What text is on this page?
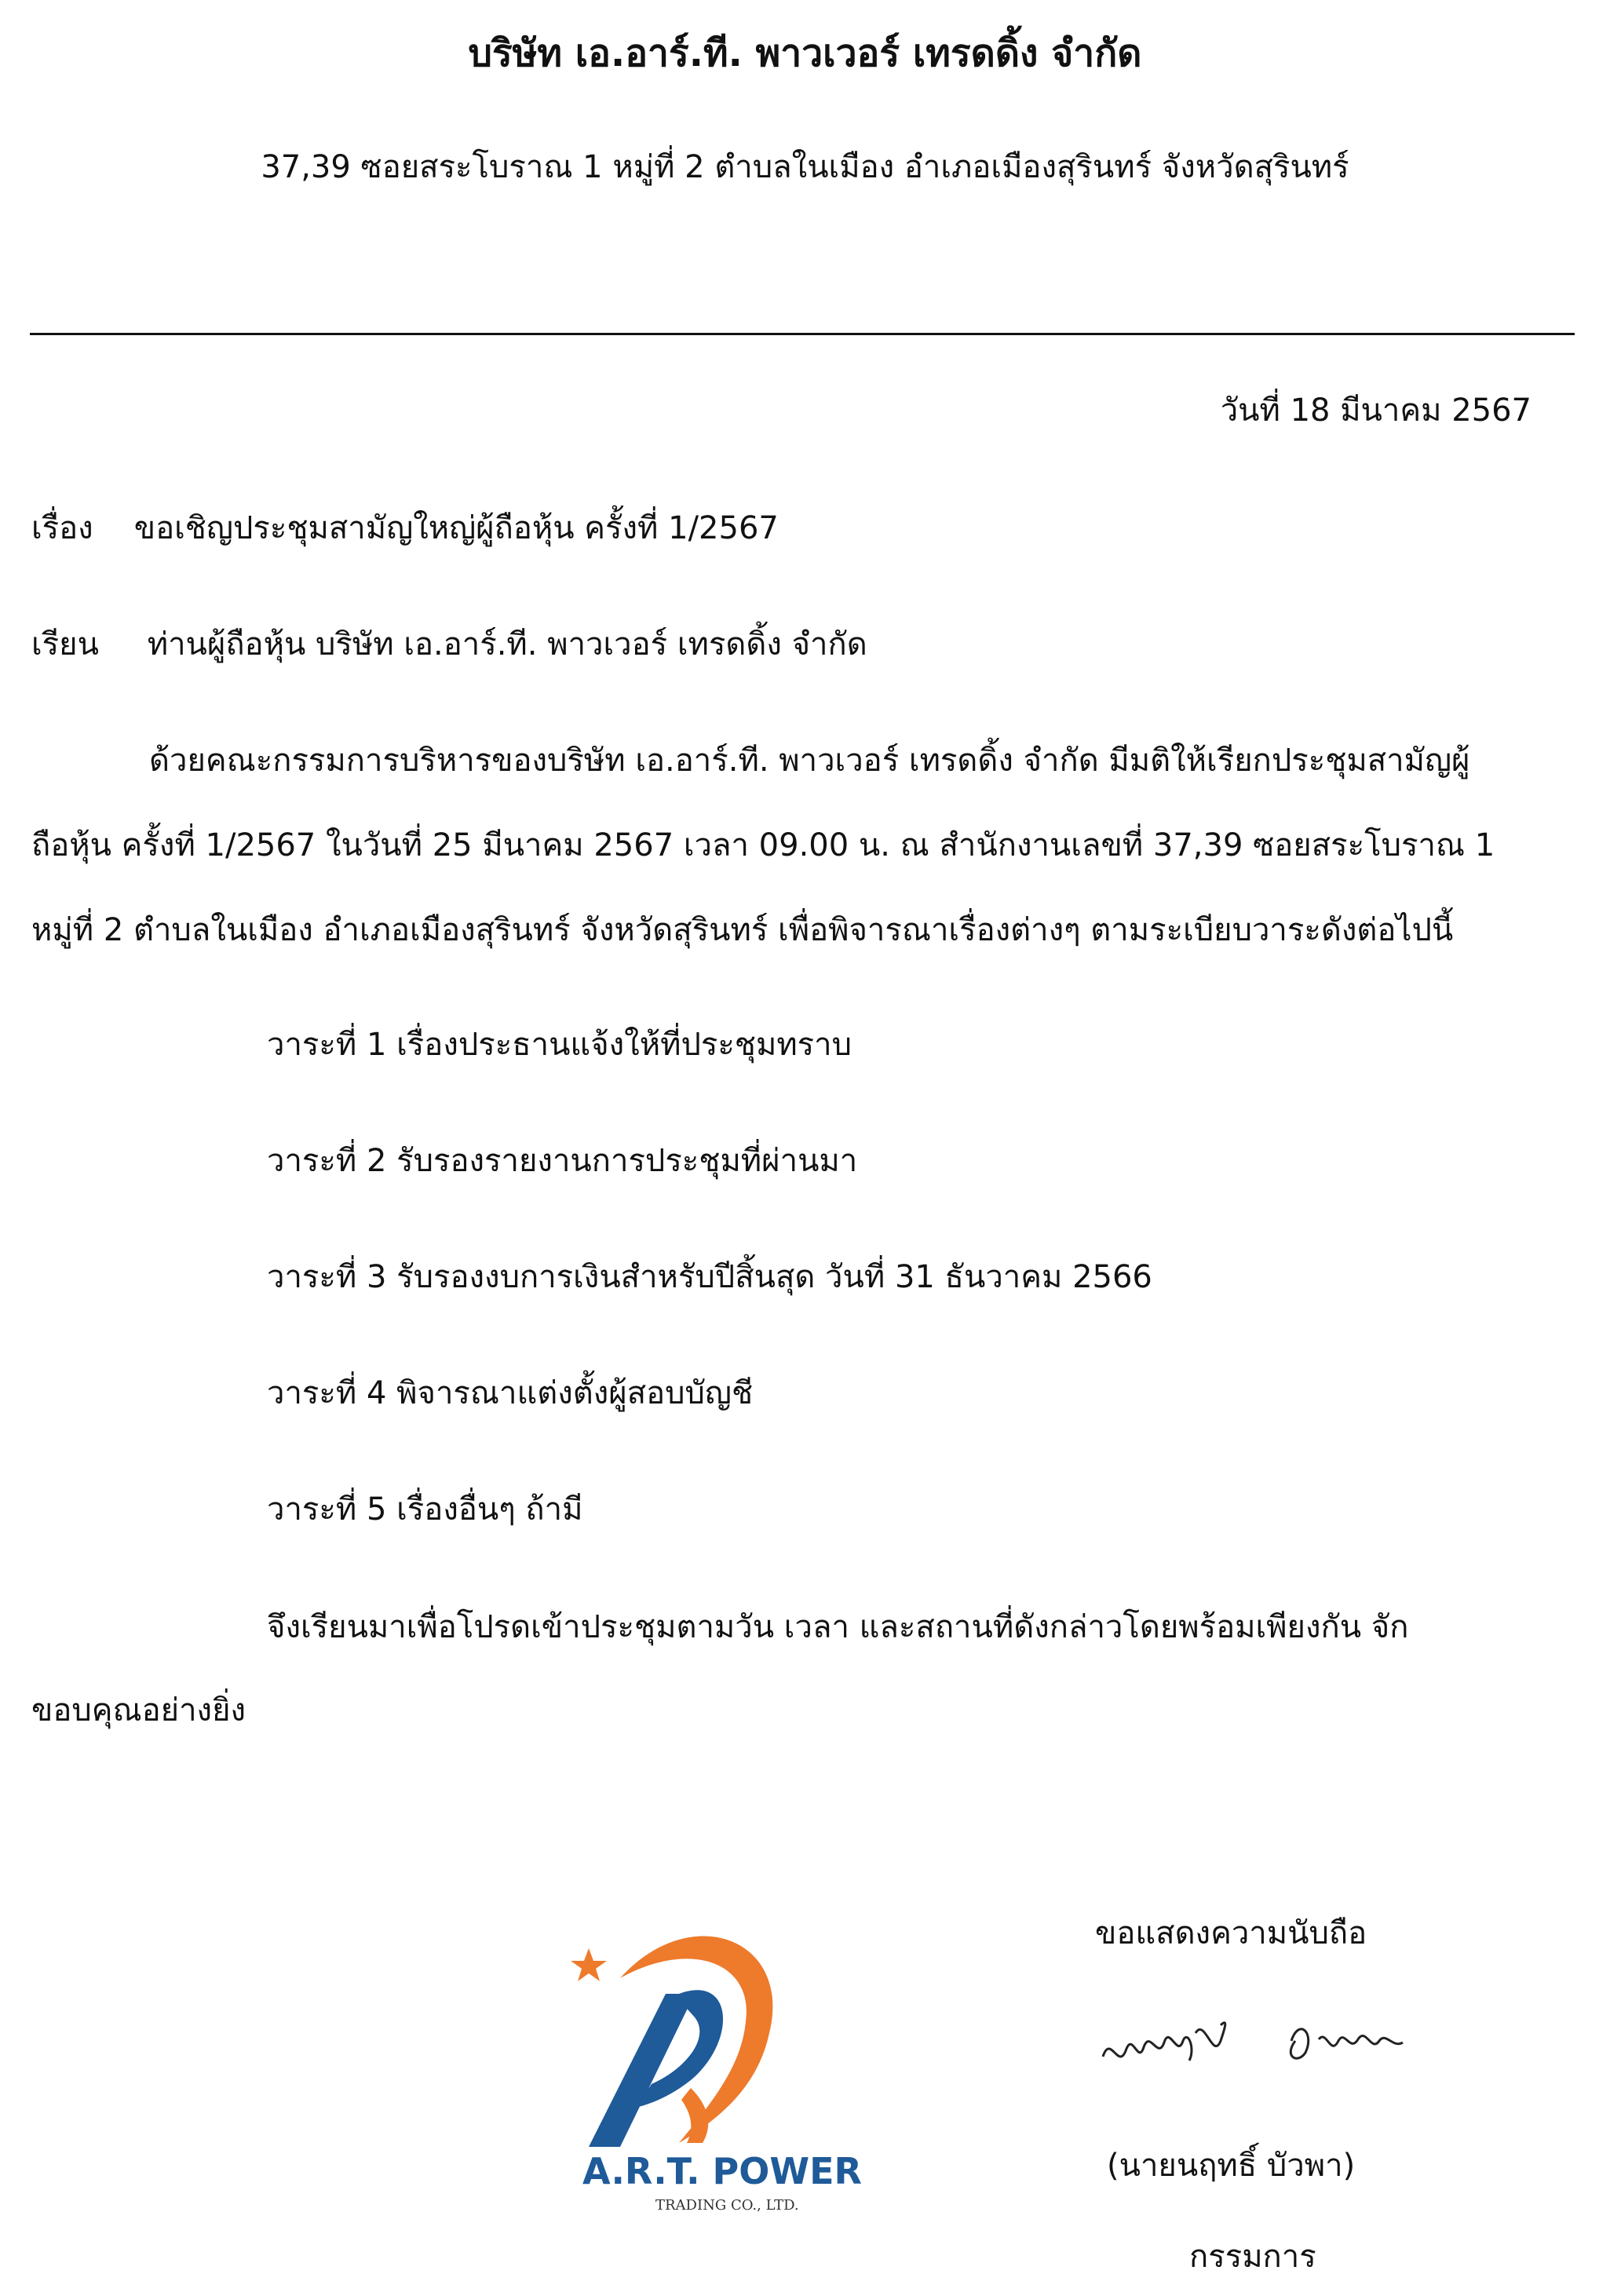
บริษัท เอ.อาร์.ที. พาวเวอร์ เทรดดิ้ง จำกัด
37,39 ซอยสระโบราณ 1 หมู่ที่ 2 ตำบลในเมือง อำเภอเมืองสุรินทร์ จังหวัดสุรินทร์
วันที่ 18 มีนาคม 2567
เรื่อง ขอเชิญประชุมสามัญใหญ่ผู้ถือหุ้น ครั้งที่ 1/2567
เรียน ท่านผู้ถือหุ้น บริษัท เอ.อาร์.ที. พาวเวอร์ เทรดดิ้ง จำกัด
ด้วยคณะกรรมการบริหารของบริษัท เอ.อาร์.ที. พาวเวอร์ เทรดดิ้ง จำกัด มีมติให้เรียกประชุมสามัญผู้
ถือหุ้น ครั้งที่ 1/2567 ในวันที่ 25 มีนาคม 2567 เวลา 09.00 น. ณ สำนักงานเลขที่ 37,39 ซอยสระโบราณ 1
หมู่ที่ 2 ตำบลในเมือง อำเภอเมืองสุรินทร์ จังหวัดสุรินทร์ เพื่อพิจารณาเรื่องต่างๆ ตามระเบียบวาระดังต่อไปนี้
วาระที่ 1 เรื่องประธานแจ้งให้ที่ประชุมทราบ
วาระที่ 2 รับรองรายงานการประชุมที่ผ่านมา
วาระที่ 3 รับรองงบการเงินสำหรับปีสิ้นสุด วันที่ 31 ธันวาคม 2566
วาระที่ 4 พิจารณาแต่งตั้งผู้สอบบัญชี
วาระที่ 5 เรื่องอื่นๆ ถ้ามี
จึงเรียนมาเพื่อโปรดเข้าประชุมตามวัน เวลา และสถานที่ดังกล่าวโดยพร้อมเพียงกัน จัก
ขอบคุณอย่างยิ่ง
A.R.T. POWER
TRADING CO., LTD.
ขอแสดงความนับถือ
(นายนฤทธิ์ บัวพา)
กรรมการ
